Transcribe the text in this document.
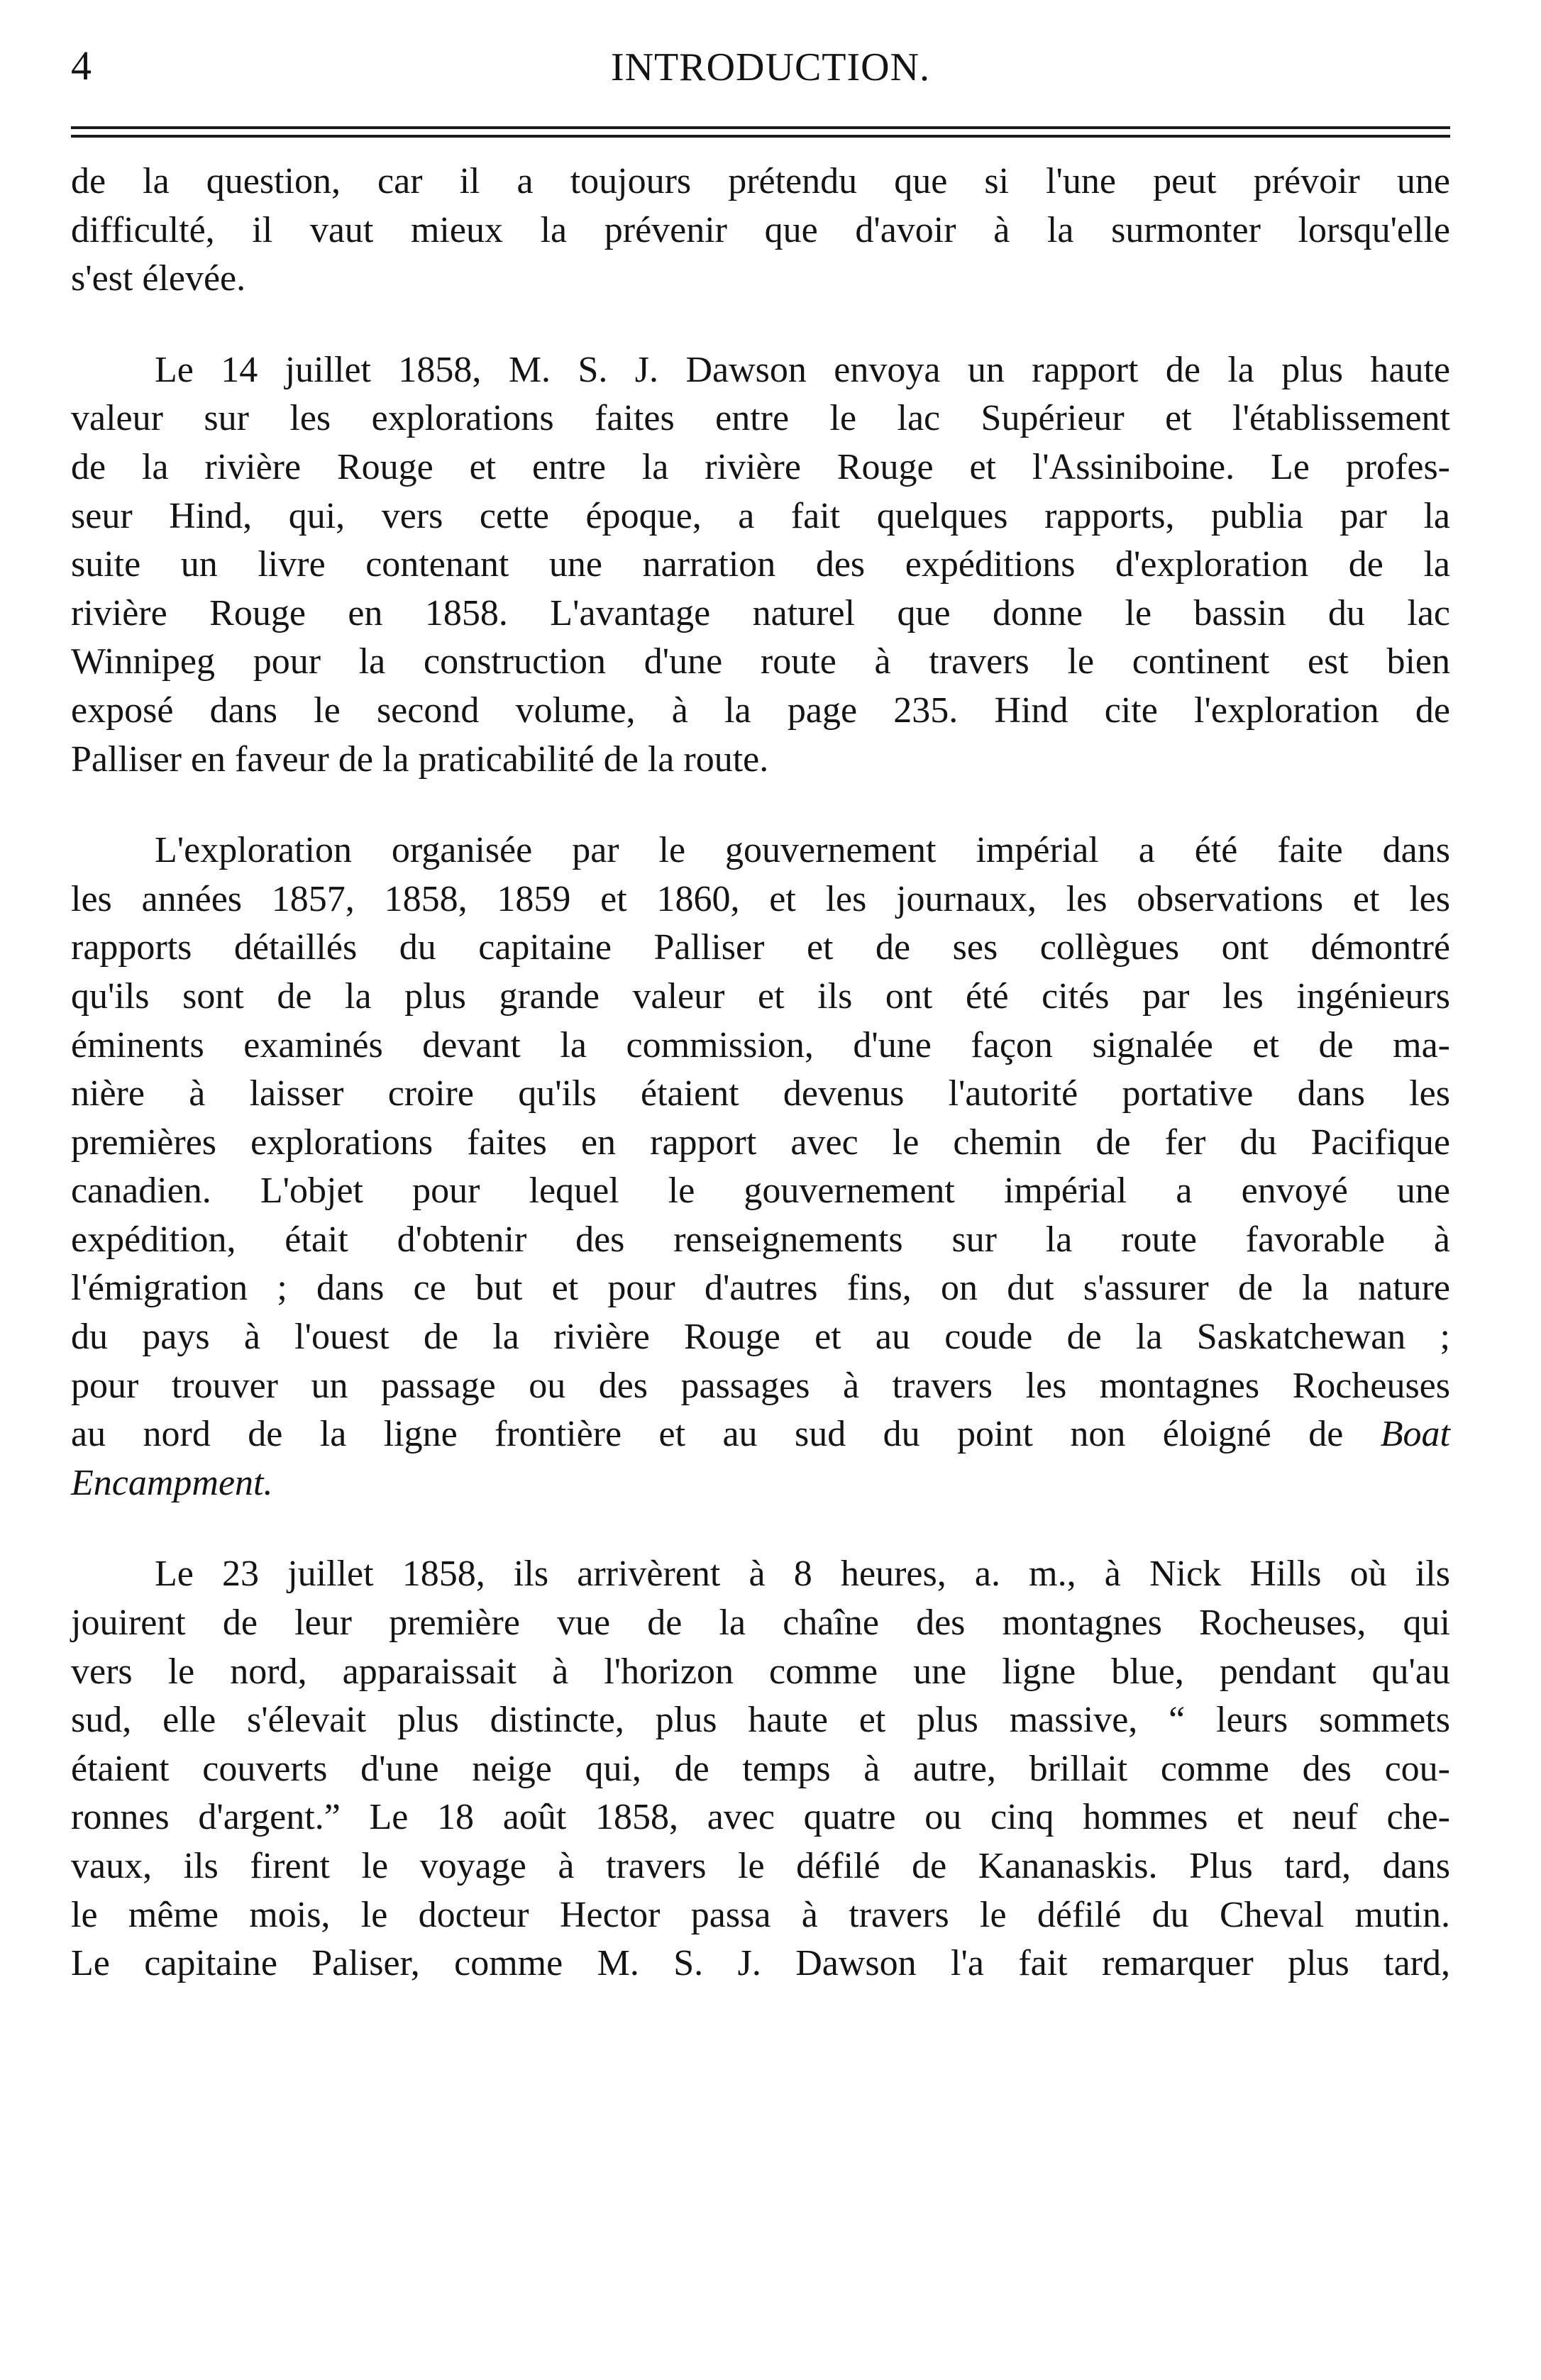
4	INTRODUCTION.
de la question, car il a toujours prétendu que si l'une peut prévoir une
difficulté, il vaut mieux la prévenir que d'avoir à la surmonter lorsqu'elle
s'est élevée.
Le 14 juillet 1858, M. S. J. Dawson envoya un rapport de la plus haute
valeur sur les explorations faites entre le lac Supérieur et l'établissement
de la rivière Rouge et entre la rivière Rouge et l'Assiniboine. Le profes-
seur Hind, qui, vers cette époque, a fait quelques rapports, publia par la
suite un livre contenant une narration des expéditions d'exploration de la
rivière Rouge en 1858. L'avantage naturel que donne le bassin du lac
Winnipeg pour la construction d'une route à travers le continent est bien
exposé dans le second volume, à la page 235. Hind cite l'exploration de
Palliser en faveur de la praticabilité de la route.
L'exploration organisée par le gouvernement impérial a été faite dans
les années 1857, 1858, 1859 et 1860, et les journaux, les observations et les
rapports détaillés du capitaine Palliser et de ses collègues ont démontré
qu'ils sont de la plus grande valeur et ils ont été cités par les ingénieurs
éminents examinés devant la commission, d'une façon signalée et de ma-
nière à laisser croire qu'ils étaient devenus l'autorité portative dans les
premières explorations faites en rapport avec le chemin de fer du Pacifique
canadien. L'objet pour lequel le gouvernement impérial a envoyé une
expédition, était d'obtenir des renseignements sur la route favorable à
l'émigration ; dans ce but et pour d'autres fins, on dut s'assurer de la nature
du pays à l'ouest de la rivière Rouge et au coude de la Saskatchewan ;
pour trouver un passage ou des passages à travers les montagnes Rocheuses
au nord de la ligne frontière et au sud du point non éloigné de Boat
Encampment.
Le 23 juillet 1858, ils arrivèrent à 8 heures, a. m., à Nick Hills où ils
jouirent de leur première vue de la chaîne des montagnes Rocheuses, qui
vers le nord, apparaissait à l'horizon comme une ligne blue, pendant qu'au
sud, elle s'élevait plus distincte, plus haute et plus massive, “ leurs sommets
étaient couverts d'une neige qui, de temps à autre, brillait comme des cou-
ronnes d'argent.” Le 18 août 1858, avec quatre ou cinq hommes et neuf che-
vaux, ils firent le voyage à travers le défilé de Kananaskis. Plus tard, dans
le même mois, le docteur Hector passa à travers le défilé du Cheval mutin.
Le capitaine Paliser, comme M. S. J. Dawson l'a fait remarquer plus tard,
